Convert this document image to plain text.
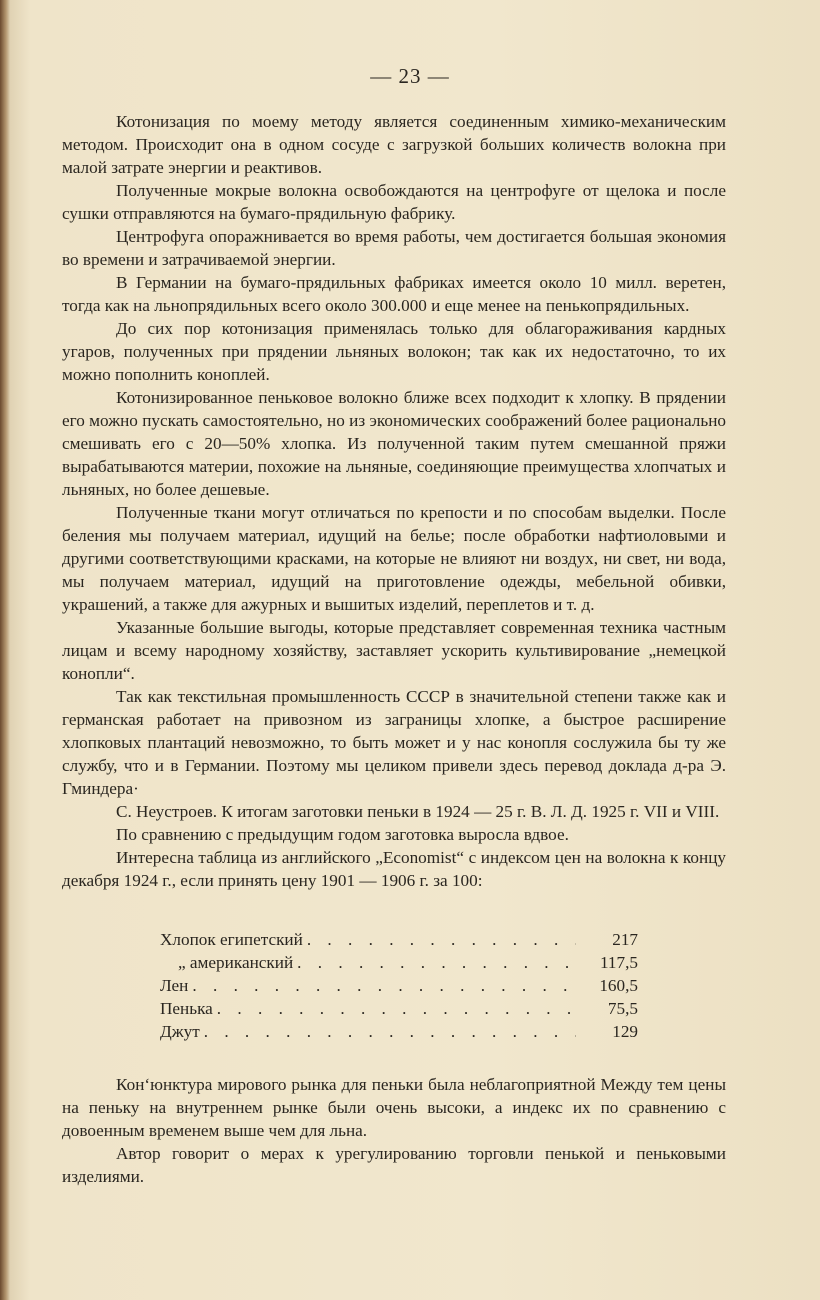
— 23 —

Котонизация по моему методу является соединенным химико-механическим методом. Происходит она в одном сосуде с загрузкой больших количеств волокна при малой затрате энергии и реактивов.

Полученные мокрые волокна освобождаются на центрофуге от щелока и после сушки отправляются на бумаго-прядильную фабрику.

Центрофуга опоражнивается во время работы, чем достигается большая экономия во времени и затрачиваемой энергии.

В Германии на бумаго-прядильных фабриках имеется около 10 милл. веретен, тогда как на льнопрядильных всего около 300.000 и еще менее на пенькопрядильных.

До сих пор котонизация применялась только для облагораживания кардных угаров, полученных при прядении льняных волокон; так как их недостаточно, то их можно пополнить коноплей.

Котонизированное пеньковое волокно ближе всех подходит к хлопку. В прядении его можно пускать самостоятельно, но из экономических соображений более рационально смешивать его с 20—50% хлопка. Из полученной таким путем смешанной пряжи вырабатываются материи, похожие на льняные, соединяющие преимущества хлопчатых и льняных, но более дешевые.

Полученные ткани могут отличаться по крепости и по способам выделки. После беления мы получаем материал, идущий на белье; после обработки нафтиоловыми и другими соответствующими красками, на которые не влияют ни воздух, ни свет, ни вода, мы получаем материал, идущий на приготовление одежды, мебельной обивки, украшений, а также для ажурных и вышитых изделий, переплетов и т. д.

Указанные большие выгоды, которые представляет современная техника частным лицам и всему народному хозяйству, заставляет ускорить культивирование „немецкой конопли“.

Так как текстильная промышленность СССР в значительной степени также как и германская работает на привозном из заграницы хлопке, а быстрое расширение хлопковых плантаций невозможно, то быть может и у нас конопля сослужила бы ту же службу, что и в Германии. Поэтому мы целиком привели здесь перевод доклада д-ра Э. Гминдера·

С. Неустроев. К итогам заготовки пеньки в 1924 — 25 г. В. Л. Д. 1925 г. VII и VIII.

По сравнению с предыдущим годом заготовка выросла вдвое.

Интересна таблица из английского „Economist“ с индексом цен на волокна к концу декабря 1924 г., если принять цену 1901 — 1906 г. за 100:

Хлопок египетский . . .	217
„ американский . . .	117,5
Лен . . .	160,5
Пенька . . .	75,5
Джут . . .	129

Кон‘юнктура мирового рынка для пеньки была неблагоприятной Между тем цены на пеньку на внутреннем рынке были очень высоки, а индекс их по сравнению с довоенным временем выше чем для льна.

Автор говорит о мерах к урегулированию торговли пенькой и пеньковыми изделиями.
